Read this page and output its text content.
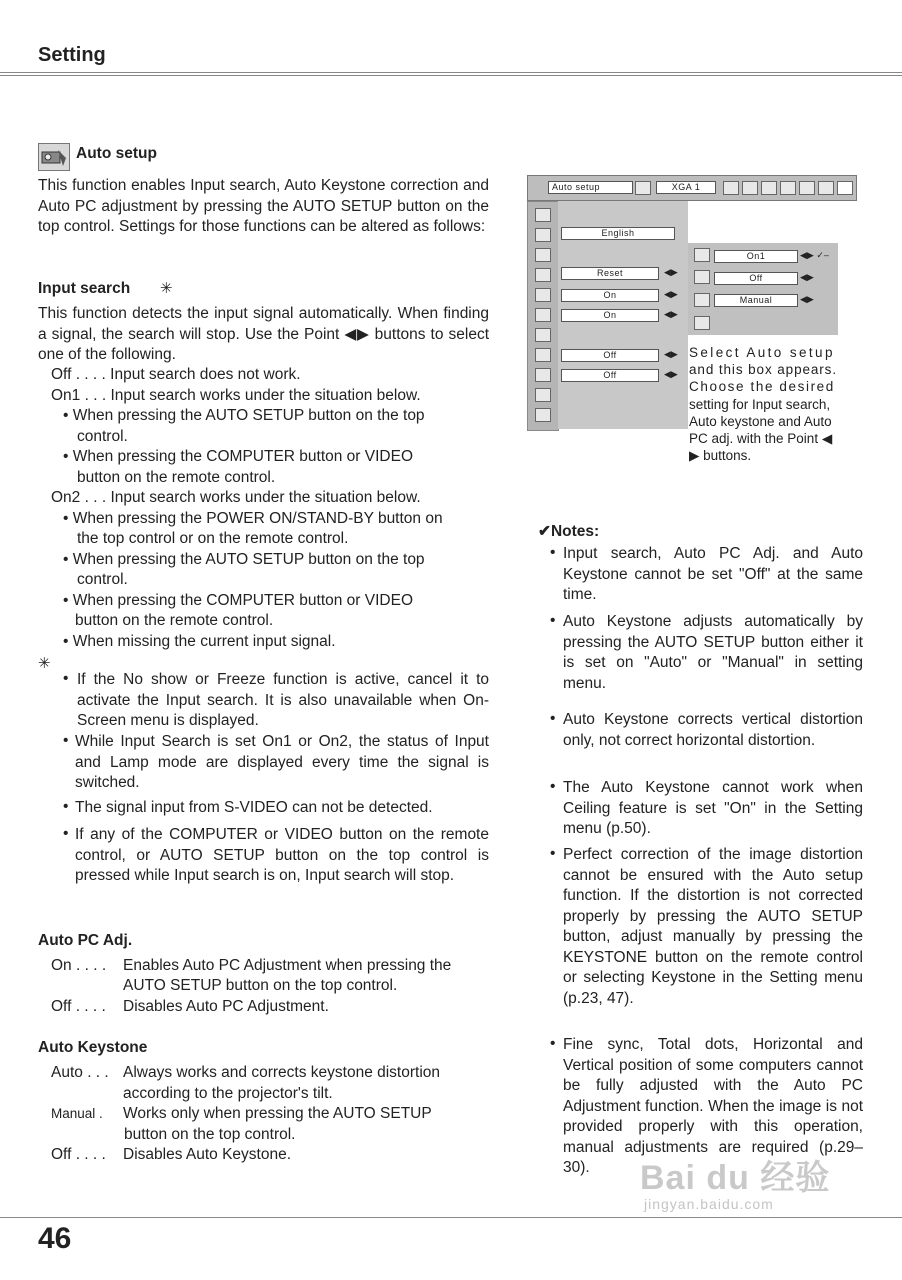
Setting
Auto setup

This function enables Input search, Auto Keystone correction and Auto PC adjustment by pressing the AUTO SETUP button on the top control. Settings for those functions can be altered as follows:

Input search ✳

This function detects the input signal automatically. When finding a signal, the search will stop. Use the Point ◀▶ buttons to select one of the following.

Off . . . . Input search does not work.
On1 . . . Input search works under the situation below.
• When pressing the AUTO SETUP button on the top
control.
• When pressing the COMPUTER button or VIDEO
button on the remote control.
On2 . . . Input search works under the situation below.
• When pressing the POWER ON/STAND-BY button on
the top control or on the remote control.
• When pressing the AUTO SETUP button on the top
control.
• When pressing the COMPUTER button or VIDEO
button on the remote control.
• When missing the current input signal.
✳
• If the No show or Freeze function is active, cancel it to activate the Input search. It is also unavailable when On-Screen menu is displayed.

• While Input Search is set On1 or On2, the status of Input and Lamp mode are displayed every time the signal is switched.

• The signal input from S-VIDEO can not be detected.

• If any of the COMPUTER or VIDEO button on the remote control, or AUTO SETUP button on the top control is pressed while Input search is on, Input search will stop.

Auto PC Adj.
On . . . . Enables Auto PC Adjustment when pressing the
AUTO SETUP button on the top control.
Off . . . . Disables Auto PC Adjustment.
Auto Keystone
Auto . . . Always works and corrects keystone distortion
according to the projector's tilt.
Manual . Works only when pressing the AUTO SETUP
button on the top control.
Off . . . . Disables Auto Keystone.
Auto setup	XGA 1
English
Reset	◀▶
On	◀▶
On	◀▶
Off	◀▶
Off	◀▶
On1	◀▶ ✓–
Off	◀▶
Manual	◀▶
Select Auto setup
and this box appears.
Choose the desired
setting for Input search,
Auto keystone and Auto
PC adj. with the Point ◀
▶ buttons.
✔Notes:
• Input search, Auto PC Adj. and Auto Keystone cannot be set "Off" at the same time.

• Auto Keystone adjusts automatically by pressing the AUTO SETUP button either it is set on "Auto" or "Manual" in setting menu.

• Auto Keystone corrects vertical distortion only, not correct horizontal distortion.

• The Auto Keystone cannot work when Ceiling feature is set "On" in the Setting menu (p.50).

• Perfect correction of the image distortion cannot be ensured with the Auto setup function. If the distortion is not corrected properly by pressing the AUTO SETUP button, adjust manually by pressing the KEYSTONE button on the remote control or selecting Keystone in the Setting menu (p.23, 47).

• Fine sync, Total dots, Horizontal and Vertical position of some computers cannot be fully adjusted with the Auto PC Adjustment function. When the image is not provided properly with this operation, manual adjustments are required (p.29–30).	Bai du 经验
jingyan.baidu.com
46
